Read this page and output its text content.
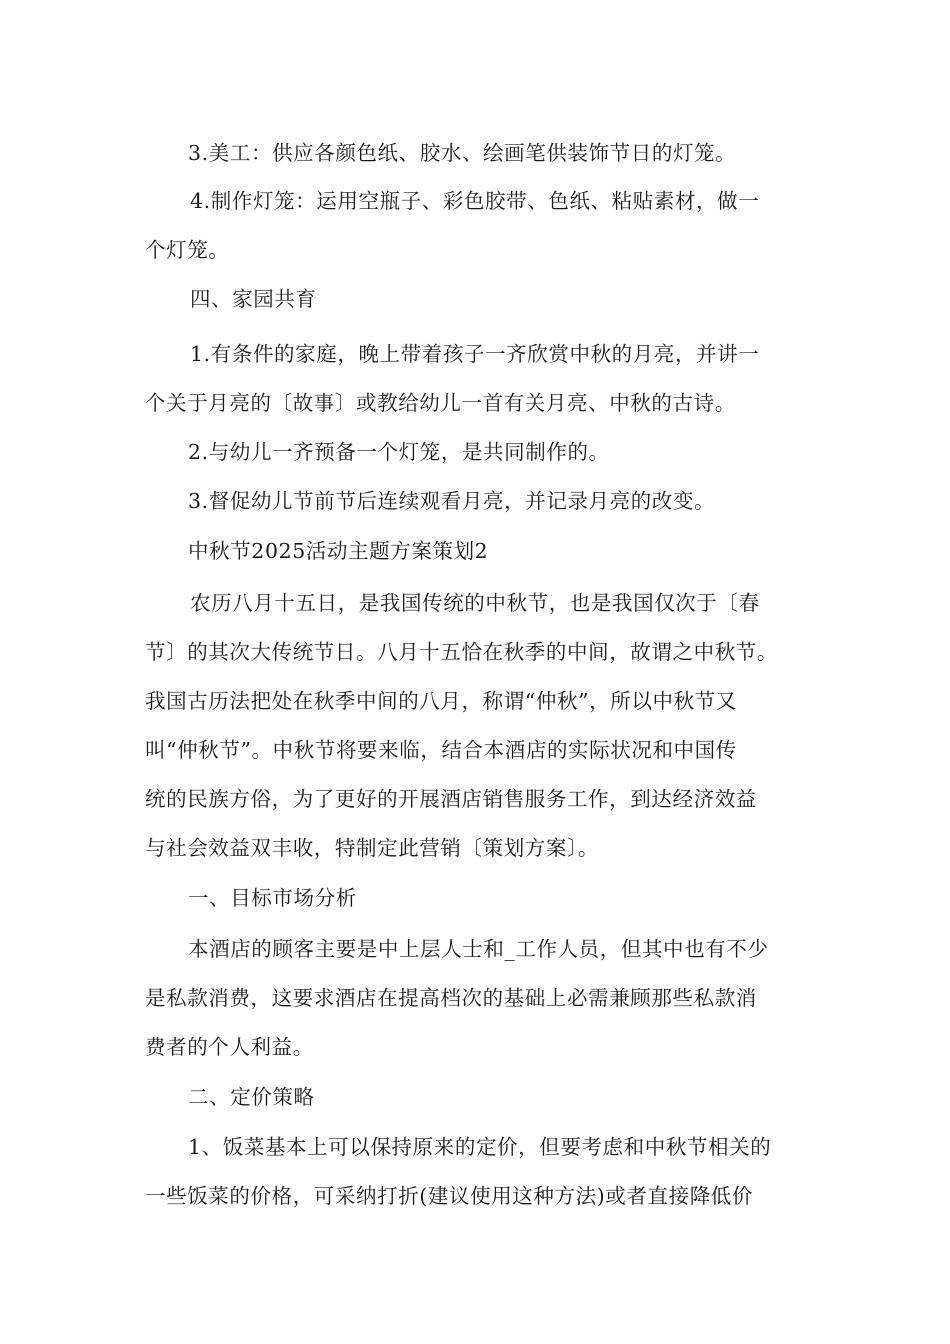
3.美工：供应各颜色纸、胶水、绘画笔供装饰节日的灯笼。

4.制作灯笼：运用空瓶子、彩色胶带、色纸、粘贴素材，做一

个灯笼。

四、家园共育

1.有条件的家庭，晚上带着孩子一齐欣赏中秋的月亮，并讲一

个关于月亮的〔故事〕或教给幼儿一首有关月亮、中秋的古诗。

2.与幼儿一齐预备一个灯笼，是共同制作的。

3.督促幼儿节前节后连续观看月亮，并记录月亮的改变。

中秋节2025活动主题方案策划2

农历八月十五日，是我国传统的中秋节，也是我国仅次于〔春

节〕的其次大传统节日。八月十五恰在秋季的中间，故谓之中秋节。

我国古历法把处在秋季中间的八月，称谓“仲秋”，所以中秋节又

叫“仲秋节”。中秋节将要来临，结合本酒店的实际状况和中国传

统的民族方俗，为了更好的开展酒店销售服务工作，到达经济效益

与社会效益双丰收，特制定此营销〔策划方案〕。

一、目标市场分析

本酒店的顾客主要是中上层人士和_工作人员，但其中也有不少

是私款消费，这要求酒店在提高档次的基础上必需兼顾那些私款消

费者的个人利益。

二、定价策略

1、饭菜基本上可以保持原来的定价，但要考虑和中秋节相关的

一些饭菜的价格，可采纳打折(建议使用这种方法)或者直接降低价
